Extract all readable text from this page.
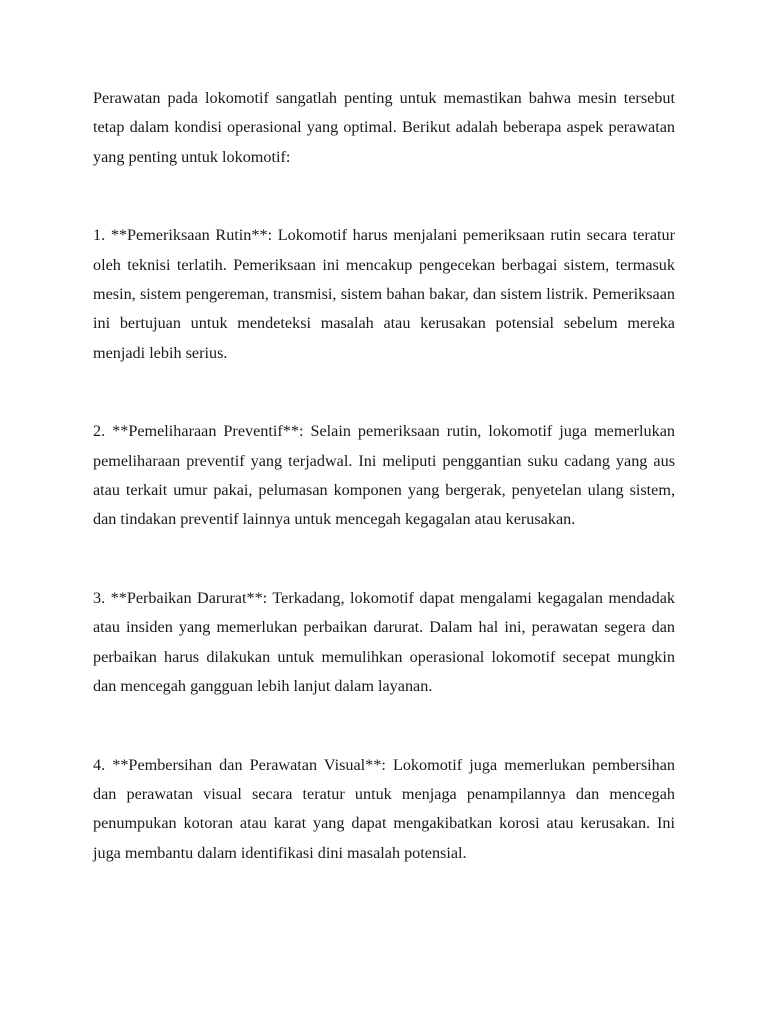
Perawatan pada lokomotif sangatlah penting untuk memastikan bahwa mesin tersebut tetap dalam kondisi operasional yang optimal. Berikut adalah beberapa aspek perawatan yang penting untuk lokomotif:

1. **Pemeriksaan Rutin**: Lokomotif harus menjalani pemeriksaan rutin secara teratur oleh teknisi terlatih. Pemeriksaan ini mencakup pengecekan berbagai sistem, termasuk mesin, sistem pengereman, transmisi, sistem bahan bakar, dan sistem listrik. Pemeriksaan ini bertujuan untuk mendeteksi masalah atau kerusakan potensial sebelum mereka menjadi lebih serius.

2. **Pemeliharaan Preventif**: Selain pemeriksaan rutin, lokomotif juga memerlukan pemeliharaan preventif yang terjadwal. Ini meliputi penggantian suku cadang yang aus atau terkait umur pakai, pelumasan komponen yang bergerak, penyetelan ulang sistem, dan tindakan preventif lainnya untuk mencegah kegagalan atau kerusakan.

3. **Perbaikan Darurat**: Terkadang, lokomotif dapat mengalami kegagalan mendadak atau insiden yang memerlukan perbaikan darurat. Dalam hal ini, perawatan segera dan perbaikan harus dilakukan untuk memulihkan operasional lokomotif secepat mungkin dan mencegah gangguan lebih lanjut dalam layanan.

4. **Pembersihan dan Perawatan Visual**: Lokomotif juga memerlukan pembersihan dan perawatan visual secara teratur untuk menjaga penampilannya dan mencegah penumpukan kotoran atau karat yang dapat mengakibatkan korosi atau kerusakan. Ini juga membantu dalam identifikasi dini masalah potensial.
